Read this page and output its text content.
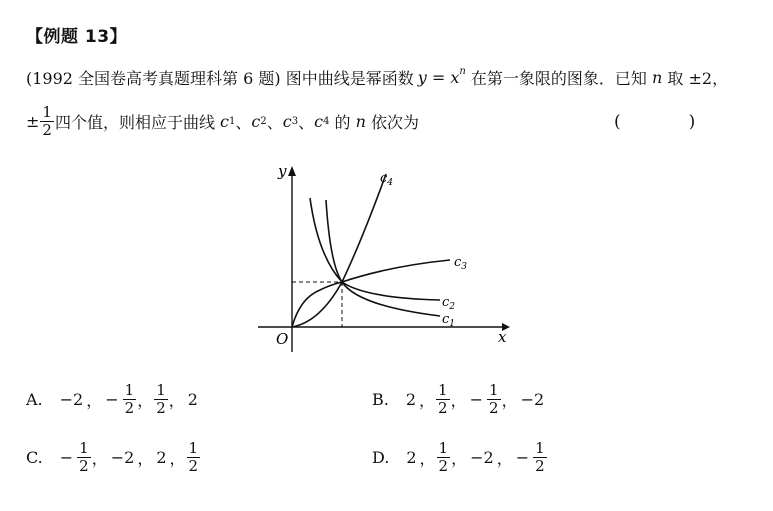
【例题 13】
(1992 全国卷高考真题理科第 6 题) 图中曲线是幂函数 $y = x^n$ 在第一象限的图象．已知 n 取 ±2，
± $\frac{1}{2}$ 四个值，则相应于曲线 c 1 、 c 2 、 c 3 、 c 4 的 n 依次为	(	)
y
x
O
$c_4$
$c_3$
$c_2$
$c_1$
A. −2 ， − $\frac{1}{2}$ ， $\frac{1}{2}$ ， 2	B. 2 ， $\frac{1}{2}$ ， − $\frac{1}{2}$ ， −2
C. − $\frac{1}{2}$ ， −2 ， 2 ， $\frac{1}{2}$	D. 2 ， $\frac{1}{2}$ ， −2 ， − $\frac{1}{2}$
